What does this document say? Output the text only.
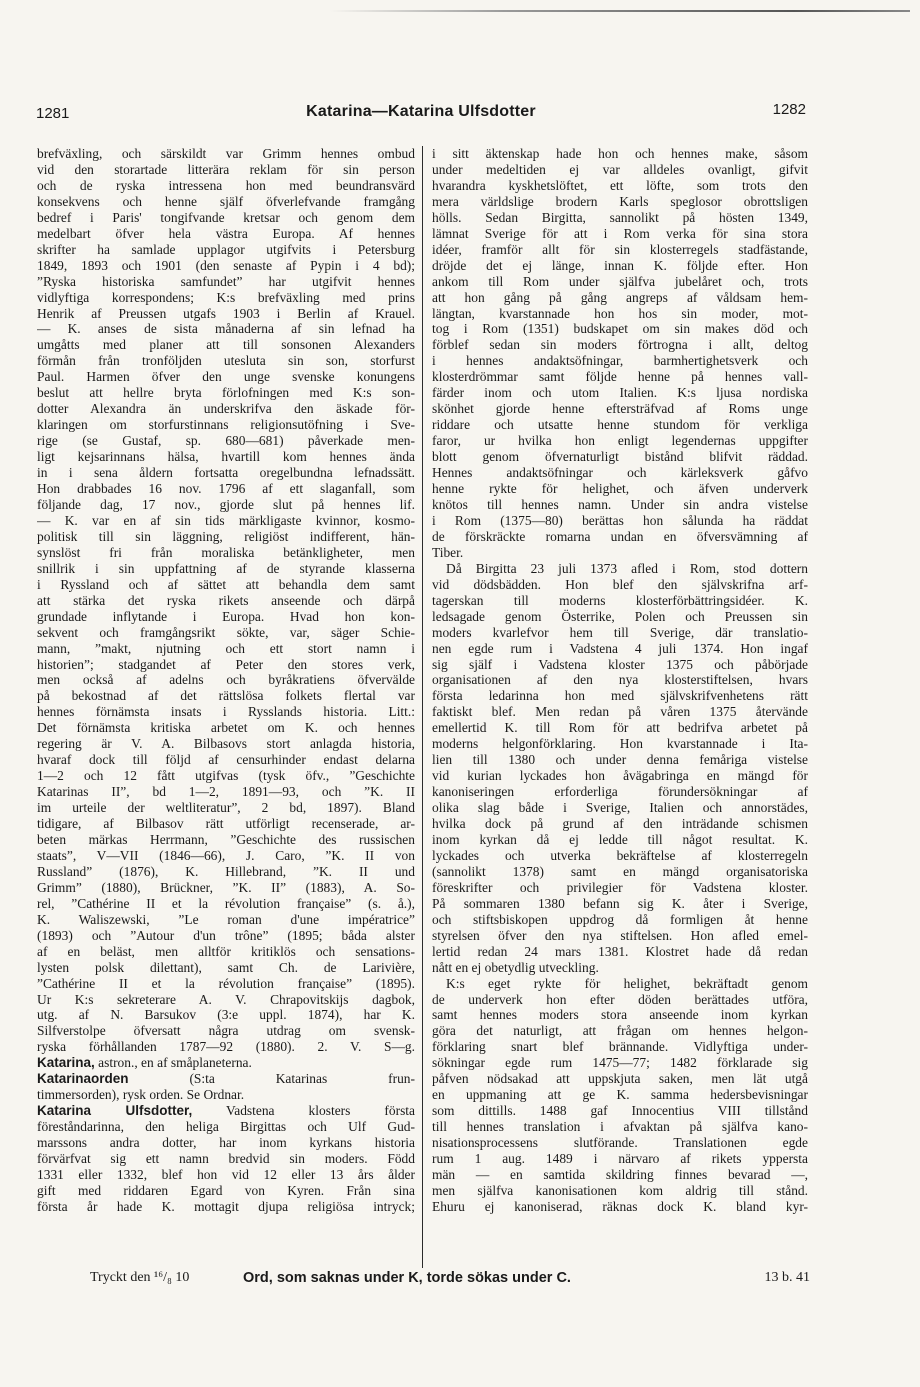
1281	Katarina—Katarina Ulfsdotter	1282
brefväxling, och särskildt var Grimm hennes ombud
vid den storartade litterära reklam för sin person
och de ryska intressena hon med beundransvärd
konsekvens och henne själf öfverlefvande framgång
bedref i Paris' tongifvande kretsar och genom dem
medelbart öfver hela västra Europa. Af hennes
skrifter ha samlade upplagor utgifvits i Petersburg
1849, 1893 och 1901 (den senaste af Pypin i 4 bd);
”Ryska historiska samfundet” har utgifvit hennes
vidlyftiga korrespondens; K:s brefväxling med prins
Henrik af Preussen utgafs 1903 i Berlin af Krauel.
— K. anses de sista månaderna af sin lefnad ha
umgåtts med planer att till sonsonen Alexanders
förmån från tronföljden utesluta sin son, storfurst
Paul. Harmen öfver den unge svenske konungens
beslut att hellre bryta förlofningen med K:s son-
dotter Alexandra än underskrifva den äskade för-
klaringen om storfurstinnans religionsutöfning i Sve-
rige (se Gustaf, sp. 680—681) påverkade men-
ligt kejsarinnans hälsa, hvartill kom hennes ända
in i sena åldern fortsatta oregelbundna lefnadssätt.
Hon drabbades 16 nov. 1796 af ett slaganfall, som
följande dag, 17 nov., gjorde slut på hennes lif.
— K. var en af sin tids märkligaste kvinnor, kosmo-
politisk till sin läggning, religiöst indifferent, hän-
synslöst fri från moraliska betänkligheter, men
snillrik i sin uppfattning af de styrande klasserna
i Ryssland och af sättet att behandla dem samt
att stärka det ryska rikets anseende och därpå
grundade inflytande i Europa. Hvad hon kon-
sekvent och framgångsrikt sökte, var, säger Schie-
mann, ”makt, njutning och ett stort namn i
historien”; stadgandet af Peter den stores verk,
men också af adelns och byråkratiens öfvervälde
på bekostnad af det rättslösa folkets flertal var
hennes förnämsta insats i Rysslands historia. Litt.:
Det förnämsta kritiska arbetet om K. och hennes
regering är V. A. Bilbasovs stort anlagda historia,
hvaraf dock till följd af censurhinder endast delarna
1—2 och 12 fått utgifvas (tysk öfv., ”Geschichte
Katarinas II”, bd 1—2, 1891—93, och ”K. II
im urteile der weltliteratur”, 2 bd, 1897). Bland
tidigare, af Bilbasov rätt utförligt recenserade, ar-
beten märkas Herrmann, ”Geschichte des russischen
staats”, V—VII (1846—66), J. Caro, ”K. II von
Russland” (1876), K. Hillebrand, ”K. II und
Grimm” (1880), Brückner, ”K. II” (1883), A. So-
rel, ”Cathérine II et la révolution française” (s. å.),
K. Waliszewski, ”Le roman d'une impératrice”
(1893) och ”Autour d'un trône” (1895; båda alster
af en beläst, men alltför kritiklös och sensations-
lysten polsk dilettant), samt Ch. de Larivière,
”Cathérine II et la révolution française” (1895).
Ur K:s sekreterare A. V. Chrapovitskijs dagbok,
utg. af N. Barsukov (3:e uppl. 1874), har K.
Silfverstolpe öfversatt några utdrag om svensk-
ryska förhållanden 1787—92 (1880). 2. V. S—g.
Katarina, astron., en af småplaneterna.
Katarinaorden (S:ta Katarinas frun-
timmersorden), rysk orden. Se Ordnar.
Katarina Ulfsdotter, Vadstena klosters första
föreståndarinna, den heliga Birgittas och Ulf Gud-
marssons andra dotter, har inom kyrkans historia
förvärfvat sig ett namn bredvid sin moders. Född
1331 eller 1332, blef hon vid 12 eller 13 års ålder
gift med riddaren Egard von Kyren. Från sina
första år hade K. mottagit djupa religiösa intryck;
i sitt äktenskap hade hon och hennes make, såsom
under medeltiden ej var alldeles ovanligt, gifvit
hvarandra kyskhetslöftet, ett löfte, som trots den
mera världslige brodern Karls speglosor obrottsligen
hölls. Sedan Birgitta, sannolikt på hösten 1349,
lämnat Sverige för att i Rom verka för sina stora
idéer, framför allt för sin klosterregels stadfästande,
dröjde det ej länge, innan K. följde efter. Hon
ankom till Rom under själfva jubelåret och, trots
att hon gång på gång angreps af våldsam hem-
längtan, kvarstannade hon hos sin moder, mot-
tog i Rom (1351) budskapet om sin makes död och
förblef sedan sin moders förtrogna i allt, deltog
i hennes andaktsöfningar, barmhertighetsverk och
klosterdrömmar samt följde henne på hennes vall-
färder inom och utom Italien. K:s ljusa nordiska
skönhet gjorde henne eftersträfvad af Roms unge
riddare och utsatte henne stundom för verkliga
faror, ur hvilka hon enligt legendernas uppgifter
blott genom öfvernaturligt bistånd blifvit räddad.
Hennes andaktsöfningar och kärleksverk gåfvo
henne rykte för helighet, och äfven underverk
knötos till hennes namn. Under sin andra vistelse
i Rom (1375—80) berättas hon sålunda ha räddat
de förskräckte romarna undan en öfversvämning af
Tiber.
Då Birgitta 23 juli 1373 afled i Rom, stod dottern
vid dödsbädden. Hon blef den självskrifna arf-
tagerskan till moderns klosterförbättringsidéer. K.
ledsagade genom Österrike, Polen och Preussen sin
moders kvarlefvor hem till Sverige, där translatio-
nen egde rum i Vadstena 4 juli 1374. Hon ingaf
sig själf i Vadstena kloster 1375 och påbörjade
organisationen af den nya klosterstiftelsen, hvars
första ledarinna hon med självskrifvenhetens rätt
faktiskt blef. Men redan på våren 1375 återvände
emellertid K. till Rom för att bedrifva arbetet på
moderns helgonförklaring. Hon kvarstannade i Ita-
lien till 1380 och under denna femåriga vistelse
vid kurian lyckades hon åvägabringa en mängd för
kanoniseringen erforderliga förundersökningar af
olika slag både i Sverige, Italien och annorstädes,
hvilka dock på grund af den inträdande schismen
inom kyrkan då ej ledde till något resultat. K.
lyckades och utverka bekräftelse af klosterregeln
(sannolikt 1378) samt en mängd organisatoriska
föreskrifter och privilegier för Vadstena kloster.
På sommaren 1380 befann sig K. åter i Sverige,
och stiftsbiskopen uppdrog då formligen åt henne
styrelsen öfver den nya stiftelsen. Hon afled emel-
lertid redan 24 mars 1381. Klostret hade då redan
nått en ej obetydlig utveckling.
K:s eget rykte för helighet, bekräftadt genom
de underverk hon efter döden berättades utföra,
samt hennes moders stora anseende inom kyrkan
göra det naturligt, att frågan om hennes helgon-
förklaring snart blef brännande. Vidlyftiga under-
sökningar egde rum 1475—77; 1482 förklarade sig
påfven nödsakad att uppskjuta saken, men lät utgå
en uppmaning att ge K. samma hedersbevisningar
som dittills. 1488 gaf Innocentius VIII tillstånd
till hennes translation i afvaktan på själfva kano-
nisationsprocessens slutförande. Translationen egde
rum 1 aug. 1489 i närvaro af rikets yppersta
män — en samtida skildring finnes bevarad —,
men själfva kanonisationen kom aldrig till stånd.
Ehuru ej kanoniserad, räknas dock K. bland kyr-
Tryckt den ¹⁶/₈ 10	Ord, som saknas under K, torde sökas under C.	13 b. 41
